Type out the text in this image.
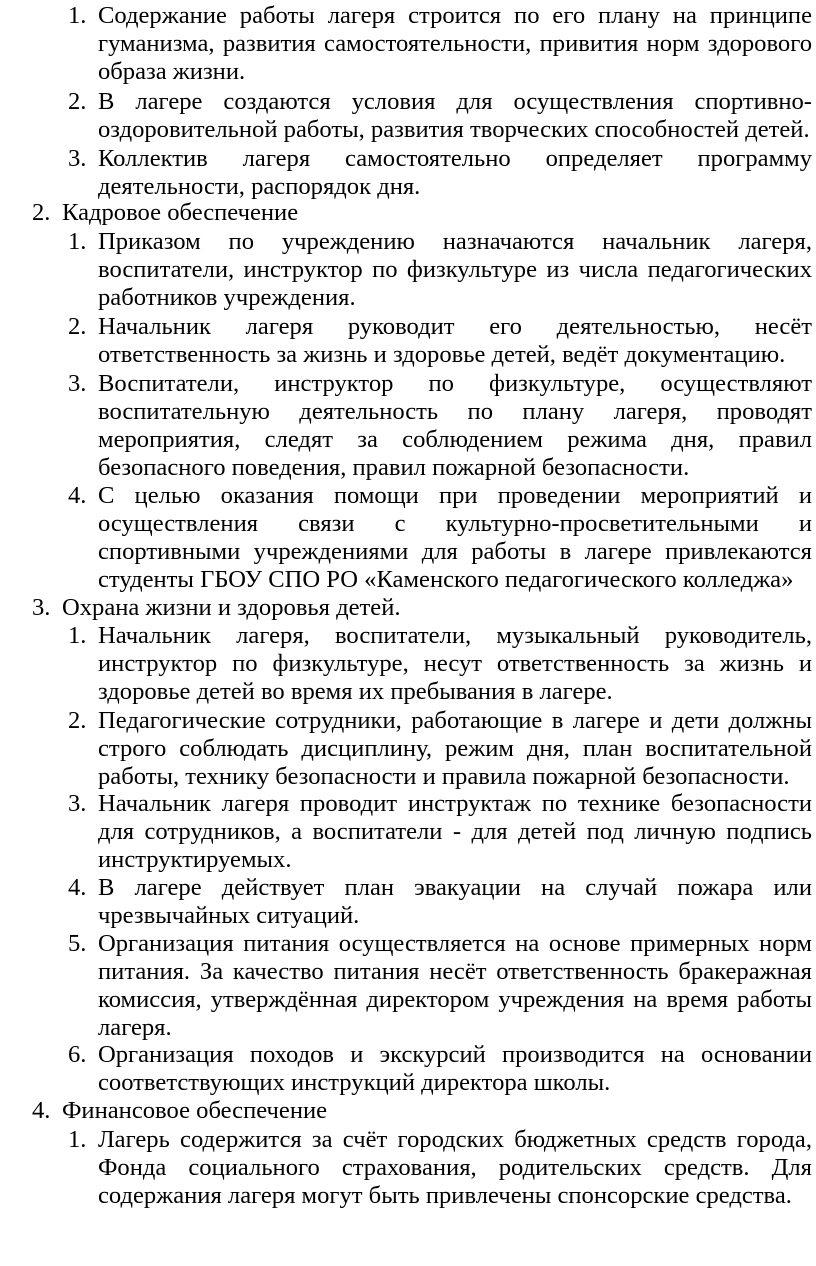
1. Содержание работы лагеря строится по его плану на принципе гуманизма, развития самостоятельности, привития норм здорового образа жизни.
2. В лагере создаются условия для осуществления спортивно-оздоровительной работы, развития творческих способностей детей.
3. Коллектив лагеря самостоятельно определяет программу деятельности, распорядок дня.
2. Кадровое обеспечение
1. Приказом по учреждению назначаются начальник лагеря, воспитатели, инструктор по физкультуре из числа педагогических работников учреждения.
2. Начальник лагеря руководит его деятельностью, несёт ответственность за жизнь и здоровье детей, ведёт документацию.
3. Воспитатели, инструктор по физкультуре, осуществляют воспитательную деятельность по плану лагеря, проводят мероприятия, следят за соблюдением режима дня, правил безопасного поведения, правил пожарной безопасности.
4. С целью оказания помощи при проведении мероприятий и осуществления связи с культурно-просветительными и спортивными учреждениями для работы в лагере привлекаются студенты ГБОУ СПО РО «Каменского педагогического колледжа»
3. Охрана жизни и здоровья детей.
1. Начальник лагеря, воспитатели, музыкальный руководитель, инструктор по физкультуре, несут ответственность за жизнь и здоровье детей во время их пребывания в лагере.
2. Педагогические сотрудники, работающие в лагере и дети должны строго соблюдать дисциплину, режим дня, план воспитательной работы, технику безопасности и правила пожарной безопасности.
3. Начальник лагеря проводит инструктаж по технике безопасности для сотрудников, а воспитатели - для детей под личную подпись инструктируемых.
4. В лагере действует план эвакуации на случай пожара или чрезвычайных ситуаций.
5. Организация питания осуществляется на основе примерных норм питания. За качество питания несёт ответственность бракеражная комиссия, утверждённая директором учреждения на время работы лагеря.
6. Организация походов и экскурсий производится на основании соответствующих инструкций директора школы.
4. Финансовое обеспечение
1. Лагерь содержится за счёт городских бюджетных средств города, Фонда социального страхования, родительских средств. Для содержания лагеря могут быть привлечены спонсорские средства.
